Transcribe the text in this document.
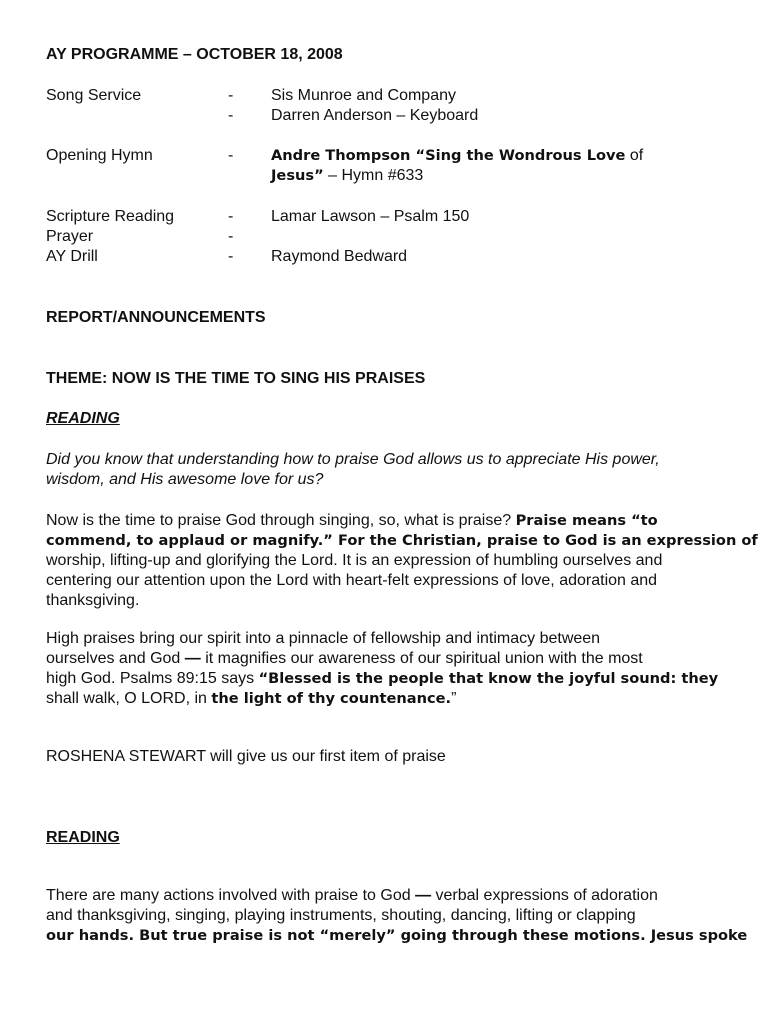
AY PROGRAMME – OCTOBER 18, 2008
Song Service	- Sis Munroe and Company
- Darren Anderson – Keyboard
Opening Hymn	-	Andre Thompson “Sing the Wondrous Love of
Jesus” – Hymn #633
Scripture Reading	- Lamar Lawson – Psalm 150
Prayer	-
AY Drill	- Raymond Bedward
REPORT/ANNOUNCEMENTS
THEME: NOW IS THE TIME TO SING HIS PRAISES
READING
Did you know that understanding how to praise God allows us to appreciate His power,
wisdom, and His awesome love for us?
Now is the time to praise God through singing, so, what is praise? Praise means “to
commend, to applaud or magnify.” For the Christian, praise to God is an expression of
worship, lifting-up and glorifying the Lord. It is an expression of humbling ourselves and
centering our attention upon the Lord with heart-felt expressions of love, adoration and
thanksgiving.
High praises bring our spirit into a pinnacle of fellowship and intimacy between
ourselves and God — it magnifies our awareness of our spiritual union with the most
high God. Psalms 89:15 says “Blessed is the people that know the joyful sound: they
shall walk, O LORD, in the light of thy countenance.”
ROSHENA STEWART will give us our first item of praise
READING
There are many actions involved with praise to God — verbal expressions of adoration
and thanksgiving, singing, playing instruments, shouting, dancing, lifting or clapping
our hands. But true praise is not “merely” going through these motions. Jesus spoke
